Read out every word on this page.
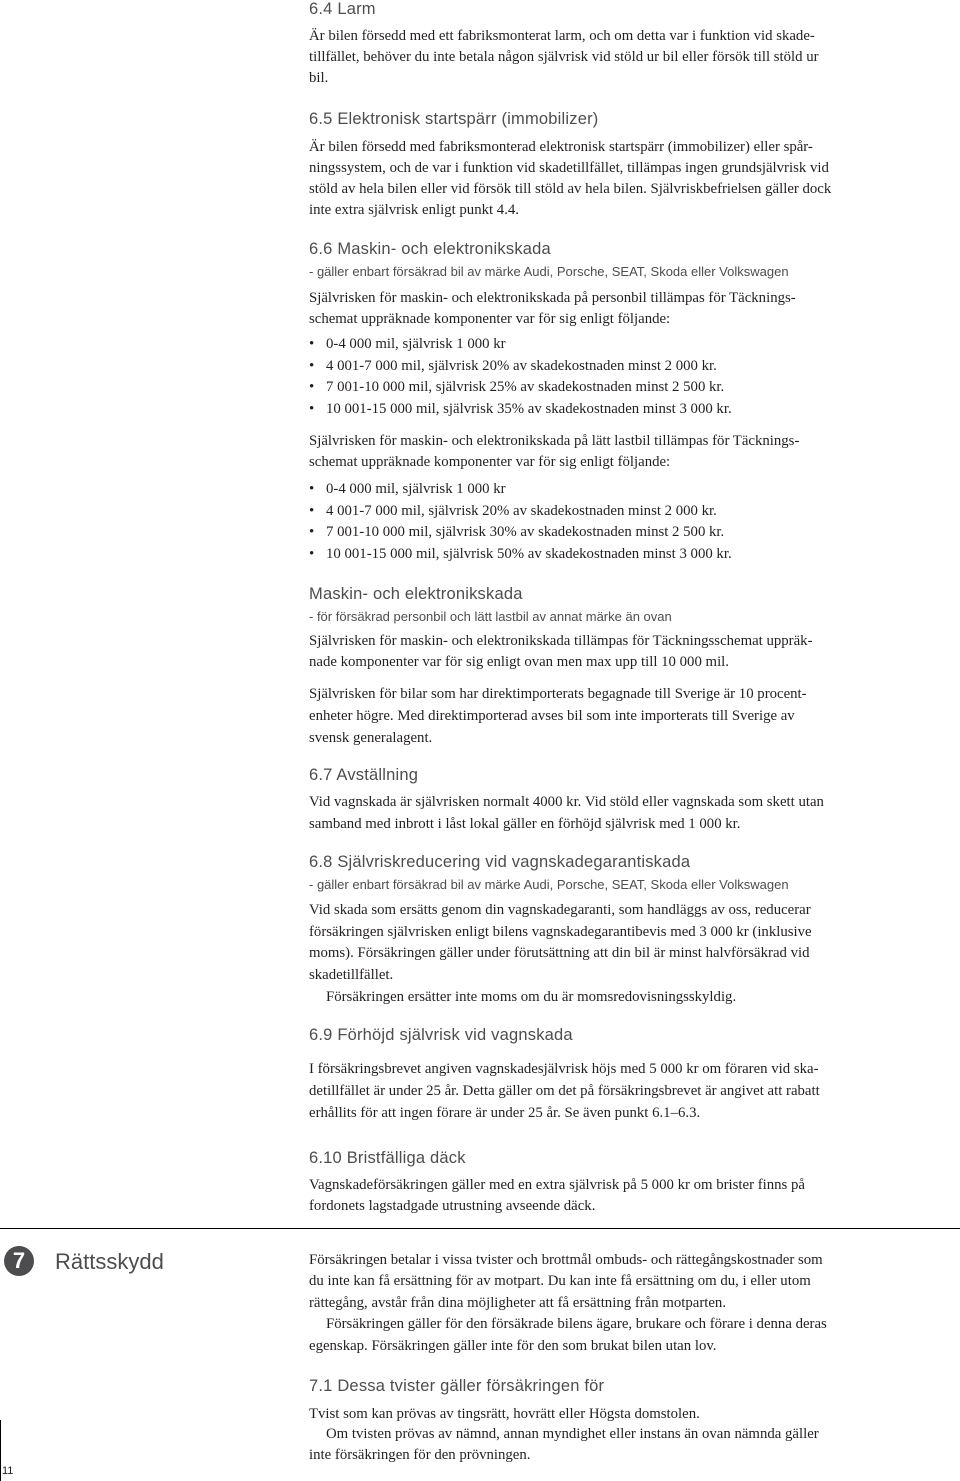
6.4 Larm
Är bilen försedd med ett fabriksmonterat larm, och om detta var i funktion vid skade-
tillfället, behöver du inte betala någon självrisk vid stöld ur bil eller försök till stöld ur
bil.
6.5 Elektronisk startspärr (immobilizer)
Är bilen försedd med fabriksmonterad elektronisk startspärr (immobilizer) eller spår-
ningssystem, och de var i funktion vid skadetillfället, tillämpas ingen grundsjälvrisk vid
stöld av hela bilen eller vid försök till stöld av hela bilen. Självriskbefrielsen gäller dock
inte extra självrisk enligt punkt 4.4.
6.6 Maskin- och elektronikskada
- gäller enbart försäkrad bil av märke Audi, Porsche, SEAT, Skoda eller Volkswagen
Självrisken för maskin- och elektronikskada på personbil tillämpas för Täcknings-
schemat uppräknade komponenter var för sig enligt följande:
• 0-4 000 mil, självrisk 1 000 kr
• 4 001-7 000 mil, självrisk 20% av skadekostnaden minst 2 000 kr.
• 7 001-10 000 mil, självrisk 25% av skadekostnaden minst 2 500 kr.
• 10 001-15 000 mil, självrisk 35% av skadekostnaden minst 3 000 kr.
Självrisken för maskin- och elektronikskada på lätt lastbil tillämpas för Täcknings-
schemat uppräknade komponenter var för sig enligt följande:
• 0-4 000 mil, självrisk 1 000 kr
• 4 001-7 000 mil, självrisk 20% av skadekostnaden minst 2 000 kr.
• 7 001-10 000 mil, självrisk 30% av skadekostnaden minst 2 500 kr.
• 10 001-15 000 mil, självrisk 50% av skadekostnaden minst 3 000 kr.
Maskin- och elektronikskada
- för försäkrad personbil och lätt lastbil av annat märke än ovan
Självrisken för maskin- och elektronikskada tillämpas för Täckningsschemat uppräk-
nade komponenter var för sig enligt ovan men max upp till 10 000 mil.
Självrisken för bilar som har direktimporterats begagnade till Sverige är 10 procent-
enheter högre. Med direktimporterad avses bil som inte importerats till Sverige av
svensk generalagent.
6.7 Avställning
Vid vagnskada är självrisken normalt 4000 kr. Vid stöld eller vagnskada som skett utan
samband med inbrott i låst lokal gäller en förhöjd självrisk med 1 000 kr.
6.8 Självriskreducering vid vagnskadegarantiskada
- gäller enbart försäkrad bil av märke Audi, Porsche, SEAT, Skoda eller Volkswagen
Vid skada som ersätts genom din vagnskadegaranti, som handläggs av oss, reducerar
försäkringen självrisken enligt bilens vagnskadegarantibevis med 3 000 kr (inklusive
moms). Försäkringen gäller under förutsättning att din bil är minst halvförsäkrad vid
skadetillfället.
Försäkringen ersätter inte moms om du är momsredovisningsskyldig.
6.9 Förhöjd självrisk vid vagnskada
I försäkringsbrevet angiven vagnskadesjälvrisk höjs med 5 000 kr om föraren vid ska-
detillfället är under 25 år. Detta gäller om det på försäkringsbrevet är angivet att rabatt
erhållits för att ingen förare är under 25 år. Se även punkt 6.1–6.3.
6.10 Bristfälliga däck
Vagnskadeförsäkringen gäller med en extra självrisk på 5 000 kr om brister finns på
fordonets lagstadgade utrustning avseende däck.
7	Rättsskydd	Försäkringen betalar i vissa tvister och brottmål ombuds- och rättegångskostnader som
du inte kan få ersättning för av motpart. Du kan inte få ersättning om du, i eller utom
rättegång, avstår från dina möjligheter att få ersättning från motparten.
Försäkringen gäller för den försäkrade bilens ägare, brukare och förare i denna deras
egenskap. Försäkringen gäller inte för den som brukat bilen utan lov.
7.1 Dessa tvister gäller försäkringen för
Tvist som kan prövas av tingsrätt, hovrätt eller Högsta domstolen.
Om tvisten prövas av nämnd, annan myndighet eller instans än ovan nämnda gäller
inte försäkringen för den prövningen.
11
